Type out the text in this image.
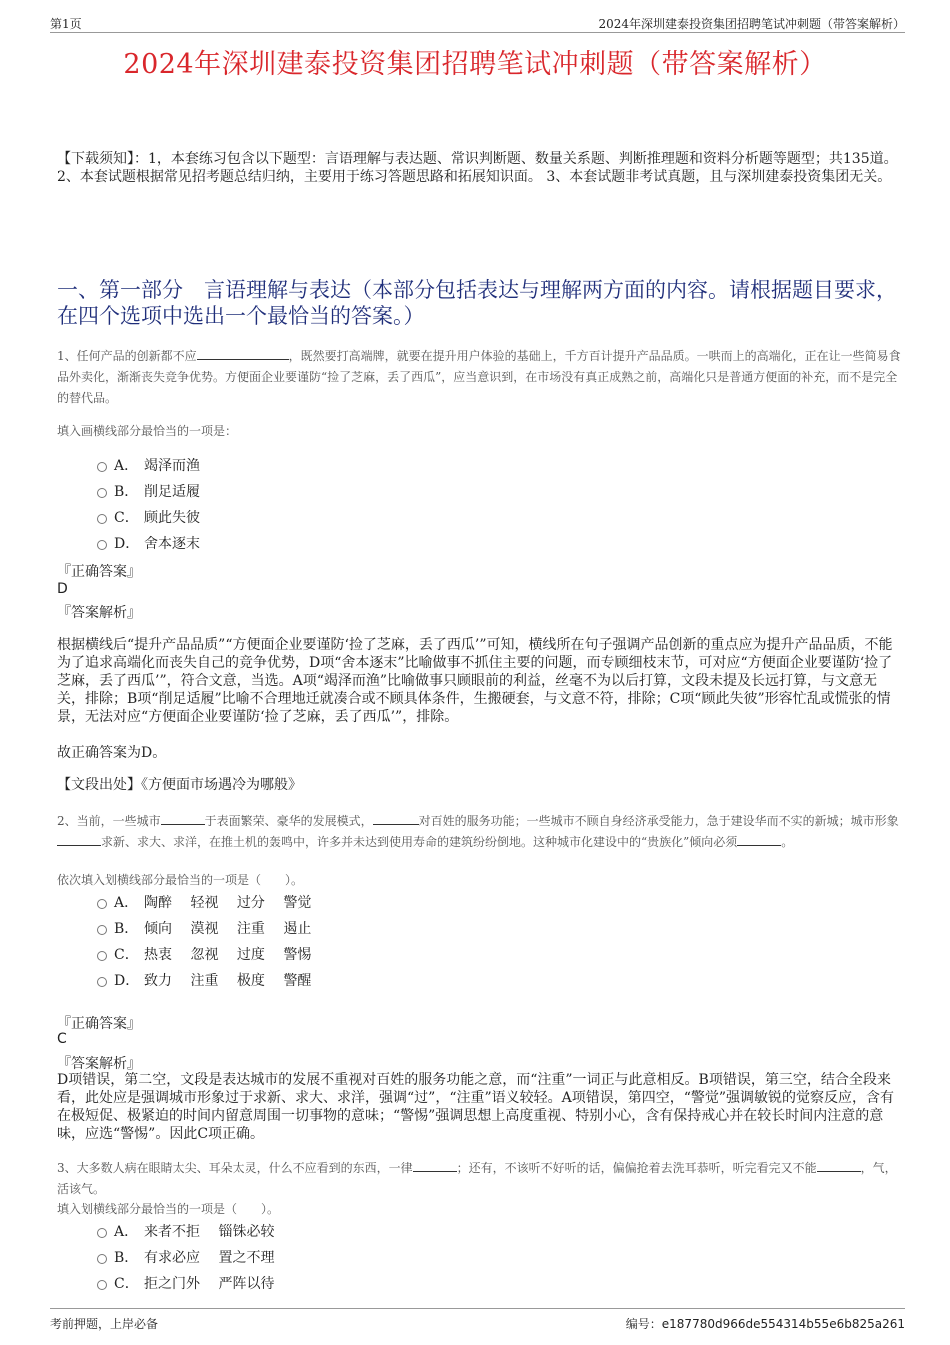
第1页	2024年深圳建泰投资集团招聘笔试冲刺题（带答案解析）
2024年深圳建泰投资集团招聘笔试冲刺题（带答案解析）
【下载须知】：1，本套练习包含以下题型：言语理解与表达题、常识判断题、数量关系题、判断推理题和资料分析题等题型；共135道。 2、本套试题根据常见招考题总结归纳，主要用于练习答题思路和拓展知识面。 3、本套试题非考试真题，且与深圳建泰投资集团无关。
一、第一部分　言语理解与表达（本部分包括表达与理解两方面的内容。请根据题目要求，在四个选项中选出一个最恰当的答案。）
1、任何产品的创新都不应	，既然要打高端牌，就要在提升用户体验的基础上，千方百计提升产品品质。一哄而上的高端化，正在让一些简易食品外卖化，渐渐丧失竞争优势。方便面企业要谨防“捡了芝麻，丢了西瓜”，应当意识到，在市场没有真正成熟之前，高端化只是普通方便面的补充，而不是完全的替代品。
填入画横线部分最恰当的一项是：
A． 竭泽而渔
B． 削足适履
C． 顾此失彼
D． 舍本逐末
『正确答案』
D
『答案解析』
根据横线后“提升产品品质”“方便面企业要谨防‘捡了芝麻，丢了西瓜’”可知，横线所在句子强调产品创新的重点应为提升产品品质，不能为了追求高端化而丧失自己的竞争优势，D项“舍本逐末”比喻做事不抓住主要的问题，而专顾细枝末节，可对应“方便面企业要谨防‘捡了芝麻，丢了西瓜’”，符合文意，当选。A项“竭泽而渔”比喻做事只顾眼前的利益，丝毫不为以后打算，文段未提及长远打算，与文意无关，排除；B项“削足适履”比喻不合理地迁就凑合或不顾具体条件，生搬硬套，与文意不符，排除；C项“顾此失彼”形容忙乱或慌张的情景，无法对应“方便面企业要谨防‘捡了芝麻，丢了西瓜’”，排除。
故正确答案为D。
【文段出处】《方便面市场遇冷为哪般》
2、当前，一些城市	于表面繁荣、豪华的发展模式，	对百姓的服务功能；一些城市不顾自身经济承受能力，急于建设华而不实的新城；城市形象求新、求大、求洋，在推土机的轰鸣中，许多并未达到使用寿命的建筑纷纷倒地。这种城市化建设中的“贵族化”倾向必须	。
依次填入划横线部分最恰当的一项是（　　）。
A． 陶醉　 轻视　 过分　 警觉
B． 倾向　 漠视　 注重　 遏止
C． 热衷　 忽视　 过度　 警惕
D． 致力　 注重　 极度　 警醒
『正确答案』
C
『答案解析』
D项错误，第二空，文段是表达城市的发展不重视对百姓的服务功能之意，而“注重”一词正与此意相反。B项错误，第三空，结合全段来看，此处应是强调城市形象过于求新、求大、求洋，强调“过”，“注重”语义较轻。A项错误，第四空，“警觉”强调敏锐的觉察反应，含有在极短促、极紧迫的时间内留意周围一切事物的意味；“警惕”强调思想上高度重视、特别小心，含有保持戒心并在较长时间内注意的意味，应选“警惕”。因此C项正确。
3、大多数人病在眼睛太尖、耳朵太灵，什么不应看到的东西，一律	；还有，不该听不好听的话，偏偏抢着去洗耳恭听，听完看完又不能	，气，活该气。
填入划横线部分最恰当的一项是（　　）。
A． 来者不拒　 锱铢必较
B． 有求必应　 置之不理
C． 拒之门外　 严阵以待
考前押题，上岸必备	编号：e187780d966de554314b55e6b825a261
